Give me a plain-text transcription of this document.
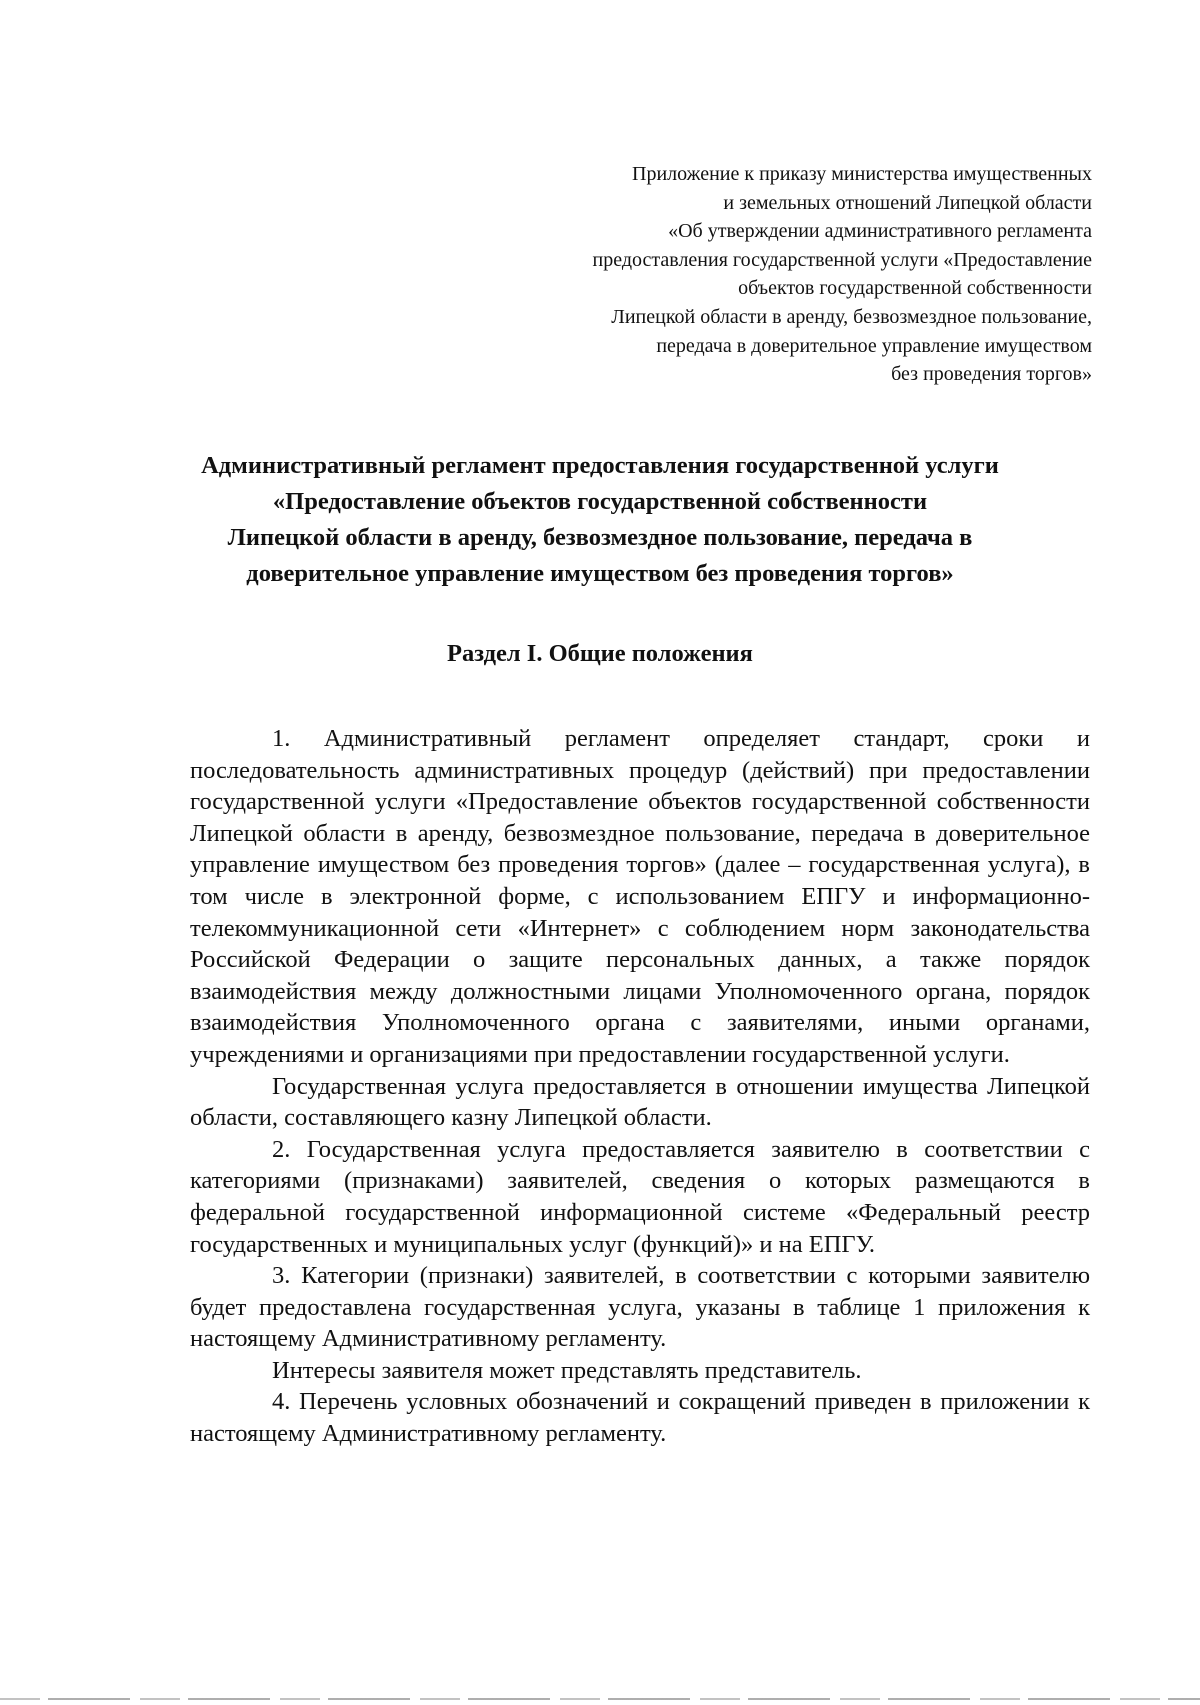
Приложение к приказу министерства имущественных
и земельных отношений Липецкой области
«Об утверждении административного регламента
предоставления государственной услуги «Предоставление
объектов государственной собственности
Липецкой области в аренду, безвозмездное пользование,
передача в доверительное управление имуществом
без проведения торгов»
Административный регламент предоставления государственной услуги
«Предоставление объектов государственной собственности
Липецкой области в аренду, безвозмездное пользование, передача в
доверительное управление имуществом без проведения торгов»
Раздел I. Общие положения

1. Административный регламент определяет стандарт, сроки и последовательность административных процедур (действий) при предоставлении государственной услуги «Предоставление объектов государственной собственности Липецкой области в аренду, безвозмездное пользование, передача в доверительное управление имуществом без проведения торгов» (далее – государственная услуга), в том числе в электронной форме, с использованием ЕПГУ и информационно-телекоммуникационной сети «Интернет» с соблюдением норм законодательства Российской Федерации о защите персональных данных, а также порядок взаимодействия между должностными лицами Уполномоченного органа, порядок взаимодействия Уполномоченного органа с заявителями, иными органами, учреждениями и организациями при предоставлении государственной услуги.

Государственная услуга предоставляется в отношении имущества Липецкой области, составляющего казну Липецкой области.

2. Государственная услуга предоставляется заявителю в соответствии с категориями (признаками) заявителей, сведения о которых размещаются в федеральной государственной информационной системе «Федеральный реестр государственных и муниципальных услуг (функций)» и на ЕПГУ.

3. Категории (признаки) заявителей, в соответствии с которыми заявителю будет предоставлена государственная услуга, указаны в таблице 1 приложения к настоящему Административному регламенту.

Интересы заявителя может представлять представитель.

4. Перечень условных обозначений и сокращений приведен в приложении к настоящему Административному регламенту.
